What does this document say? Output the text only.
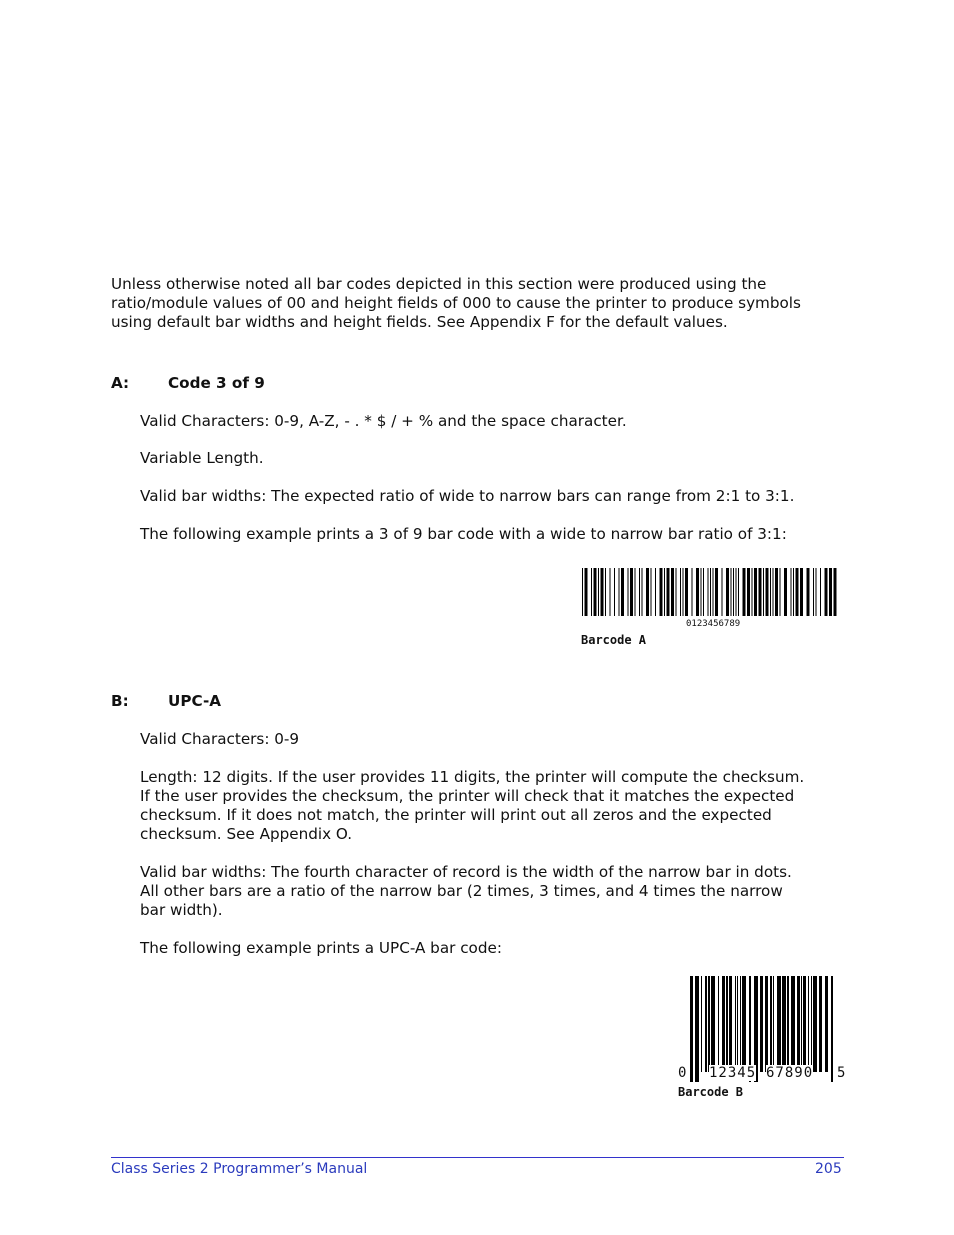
Unless otherwise noted all bar codes depicted in this section were produced using the
ratio/module values of 00 and height fields of 000 to cause the printer to produce symbols
using default bar widths and height fields. See Appendix F for the default values.
A:	Code 3 of 9
Valid Characters: 0-9, A-Z, - . * $ / + % and the space character.
Variable Length.
Valid bar widths: The expected ratio of wide to narrow bars can range from 2:1 to 3:1.
The following example prints a 3 of 9 bar code with a wide to narrow bar ratio of 3:1:
0123456789
Barcode A
B:	UPC-A
Valid Characters: 0-9
Length: 12 digits. If the user provides 11 digits, the printer will compute the checksum.
If the user provides the checksum, the printer will check that it matches the expected
checksum. If it does not match, the printer will print out all zeros and the expected
checksum. See Appendix O.
Valid bar widths: The fourth character of record is the width of the narrow bar in dots.
All other bars are a ratio of the narrow bar (2 times, 3 times, and 4 times the narrow
bar width).
The following example prints a UPC-A bar code:
0 12345 67890 5
Barcode B
Class Series 2 Programmer’s Manual	205
